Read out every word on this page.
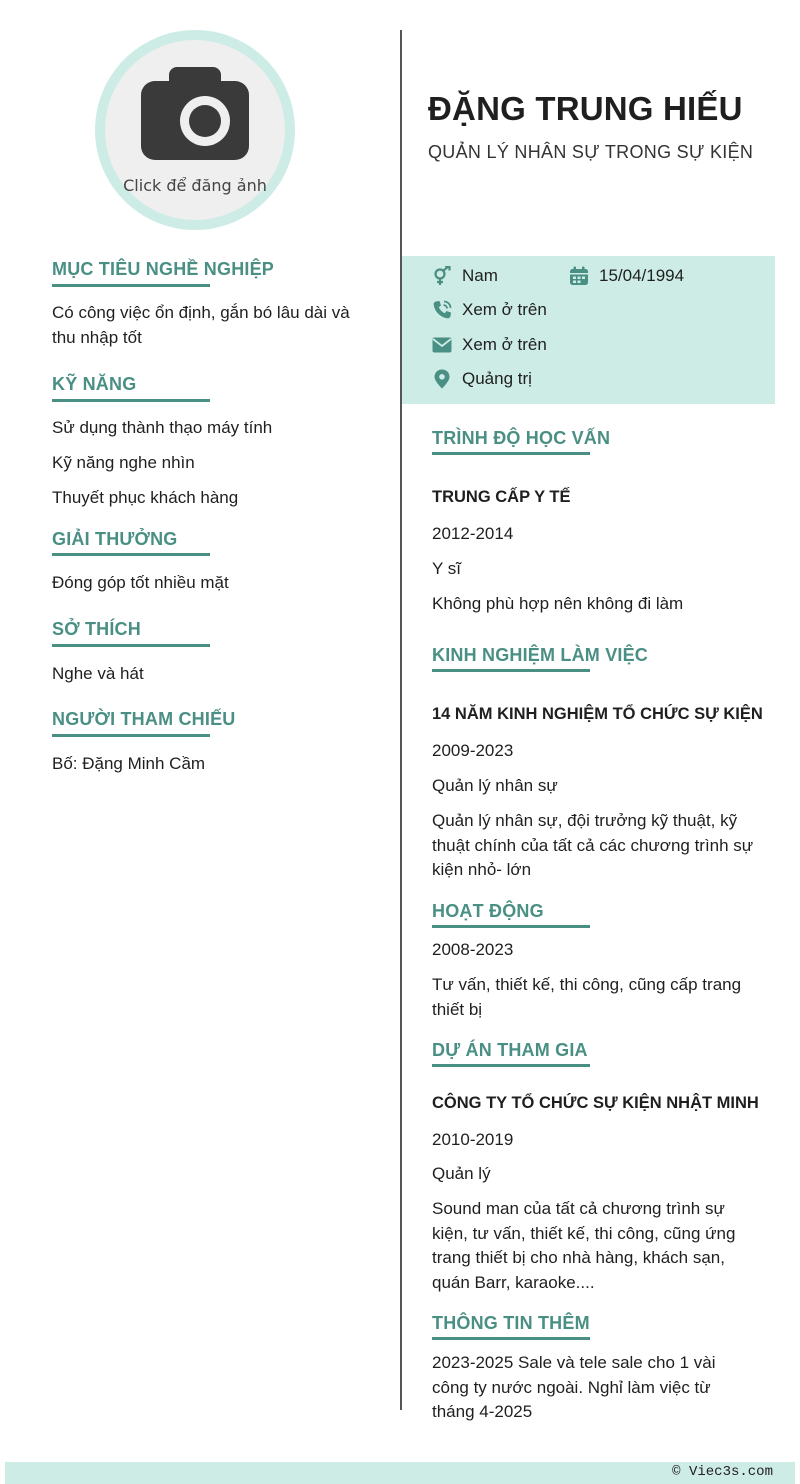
Click để đăng ảnh
ĐẶNG TRUNG HIẾU
QUẢN LÝ NHÂN SỰ TRONG SỰ KIỆN
Nam	15/04/1994
Xem ở trên
Xem ở trên
Quảng trị
MỤC TIÊU NGHỀ NGHIỆP
Có công việc ổn định, gắn bó lâu dài và thu nhập tốt
KỸ NĂNG
Sử dụng thành thạo máy tính
Kỹ năng nghe nhìn
Thuyết phục khách hàng
GIẢI THƯỞNG
Đóng góp tốt nhiều mặt
SỞ THÍCH
Nghe và hát
NGƯỜI THAM CHIẾU
Bố: Đặng Minh Cầm
TRÌNH ĐỘ HỌC VẤN
TRUNG CẤP Y TẾ
2012-2014
Y sĩ
Không phù hợp nên không đi làm
KINH NGHIỆM LÀM VIỆC
14 NĂM KINH NGHIỆM TỔ CHỨC SỰ KIỆN
2009-2023
Quản lý nhân sự
Quản lý nhân sự, đội trưởng kỹ thuật, kỹ thuật chính của tất cả các chương trình sự kiện nhỏ- lớn
HOẠT ĐỘNG
2008-2023
Tư vấn, thiết kế, thi công, cũng cấp trang thiết bị
DỰ ÁN THAM GIA
CÔNG TY TỔ CHỨC SỰ KIỆN NHẬT MINH
2010-2019
Quản lý
Sound man của tất cả chương trình sự kiện, tư vấn, thiết kế, thi công, cũng ứng trang thiết bị cho nhà hàng, khách sạn, quán Barr, karaoke....
THÔNG TIN THÊM
2023-2025 Sale và tele sale cho 1 vài công ty nước ngoài. Nghỉ làm việc từ tháng 4-2025
© Viec3s.com
